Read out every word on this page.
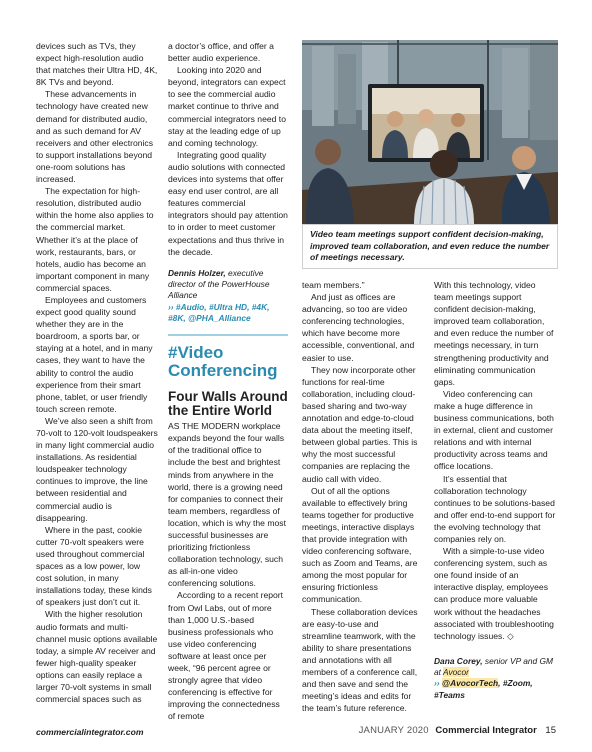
devices such as TVs, they expect high-resolution audio that matches their Ultra HD, 4K, 8K TVs and beyond.

These advancements in technology have created new demand for distributed audio, and as such demand for AV receivers and other electronics to support installations beyond one-room solutions has increased.

The expectation for high-resolution, distributed audio within the home also applies to the commercial market. Whether it’s at the place of work, restaurants, bars, or hotels, audio has become an important component in many commercial spaces.

Employees and customers expect good quality sound whether they are in the boardroom, a sports bar, or staying at a hotel, and in many cases, they want to have the ability to control the audio experience from their smart phone, tablet, or user friendly touch screen remote.

We’ve also seen a shift from 70-volt to 120-volt loudspeakers in many light commercial audio installations. As residential loudspeaker technology continues to improve, the line between residential and commercial audio is disappearing.

Where in the past, cookie cutter 70-volt speakers were used throughout commercial spaces as a low power, low cost solution, in many installations today, these kinds of speakers just don’t cut it.

With the higher resolution audio formats and multi-channel music options available today, a simple AV receiver and fewer high-quality speaker options can easily replace a larger 70-volt systems in small commercial spaces such as

a doctor’s office, and offer a better audio experience.

Looking into 2020 and beyond, integrators can expect to see the commercial audio market continue to thrive and commercial integrators need to stay at the leading edge of up and coming technology.

Integrating good quality audio solutions with connected devices into systems that offer easy end user control, are all features commercial integrators should pay attention to in order to meet customer expectations and thus thrive in the decade.

Dennis Holzer, executive director of the PowerHouse Alliance
›› #Audio, #Ultra HD, #4K, #8K, @PHA_Alliance
#Video Conferencing
Four Walls Around the Entire World

AS THE MODERN workplace expands beyond the four walls of the traditional office to include the best and brightest minds from anywhere in the world, there is a growing need for companies to connect their team members, regardless of location, which is why the most successful businesses are prioritizing frictionless collaboration technology, such as all-in-one video conferencing solutions.

According to a recent report from Owl Labs, out of more than 1,000 U.S.-based business professionals who use video conferencing software at least once per week, “96 percent agree or strongly agree that video conferencing is effective for improving the connectedness of remote

Video team meetings support confident decision-making, improved team collaboration, and even reduce the number of meetings necessary.

team members.”

And just as offices are advancing, so too are video conferencing technologies, which have become more accessible, conventional, and easier to use.

They now incorporate other functions for real-time collaboration, including cloud-based sharing and two-way annotation and edge-to-cloud data about the meeting itself, between global parties. This is why the most successful companies are replacing the audio call with video.

Out of all the options available to effectively bring teams together for productive meetings, interactive displays that provide integration with video conferencing software, such as Zoom and Teams, are among the most popular for ensuring frictionless communication.

These collaboration devices are easy-to-use and streamline teamwork, with the ability to share presentations and annotations with all members of a conference call, and then save and send the meeting’s ideas and edits for the team’s future reference.

With this technology, video team meetings support confident decision-making, improved team collaboration, and even reduce the number of meetings necessary, in turn strengthening productivity and eliminating communication gaps.

Video conferencing can make a huge difference in business communications, both in external, client and customer relations and with internal productivity across teams and office locations.

It’s essential that collaboration technology continues to be solutions-based and offer end-to-end support for the evolving technology that companies rely on.

With a simple-to-use video conferencing system, such as one found inside of an interactive display, employees can produce more valuable work without the headaches associated with troubleshooting technology issues. ◇

Dana Corey, senior VP and GM at Avocor
›› @AvocorTech, #Zoom, #Teams
commercialintegrator.com	JANUARY 2020 Commercial Integrator 15
